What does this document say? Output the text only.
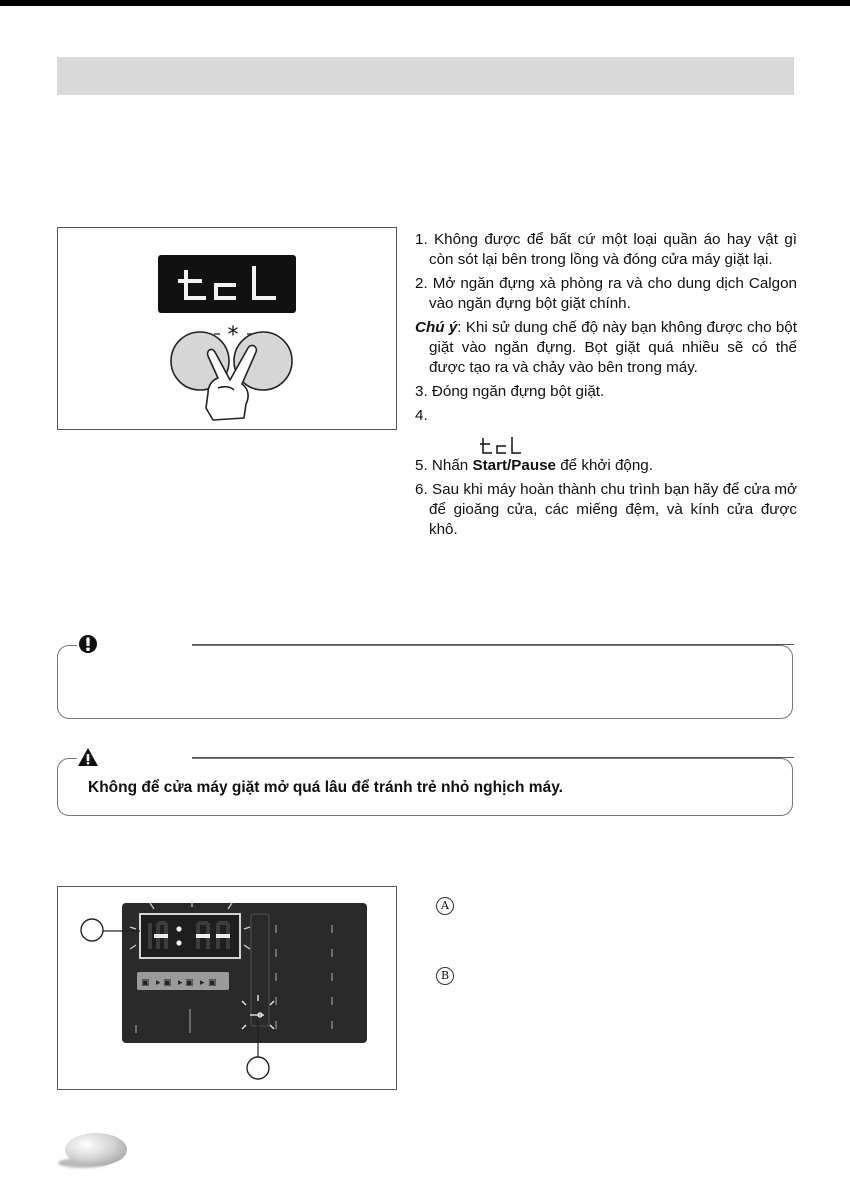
*

1. Không được để bất cứ một loại quần áo hay vật gì còn sót lại bên trong lồng và đóng cửa máy giặt lại.

2. Mở ngăn đựng xà phòng ra và cho dung dịch Calgon vào ngăn đựng bột giặt chính.

Chú ý: Khi sử dung chế độ này bạn không được cho bột giặt vào ngăn đựng. Bọt giặt quá nhiều sẽ có thể được tạo ra và chảy vào bên trong máy.

3. Đóng ngăn đựng bột giặt.

4.

5. Nhấn Start/Pause để khởi động.

6. Sau khi máy hoàn thành chu trình bạn hãy để cửa mở để gioăng cửa, các miếng đệm, và kính cửa được khô.

Không để cửa máy giặt mở quá lâu để tránh trẻ nhỏ nghịch máy.
▣ ▸ ▣ ▸ ▣ ▸ ▣
A
B
